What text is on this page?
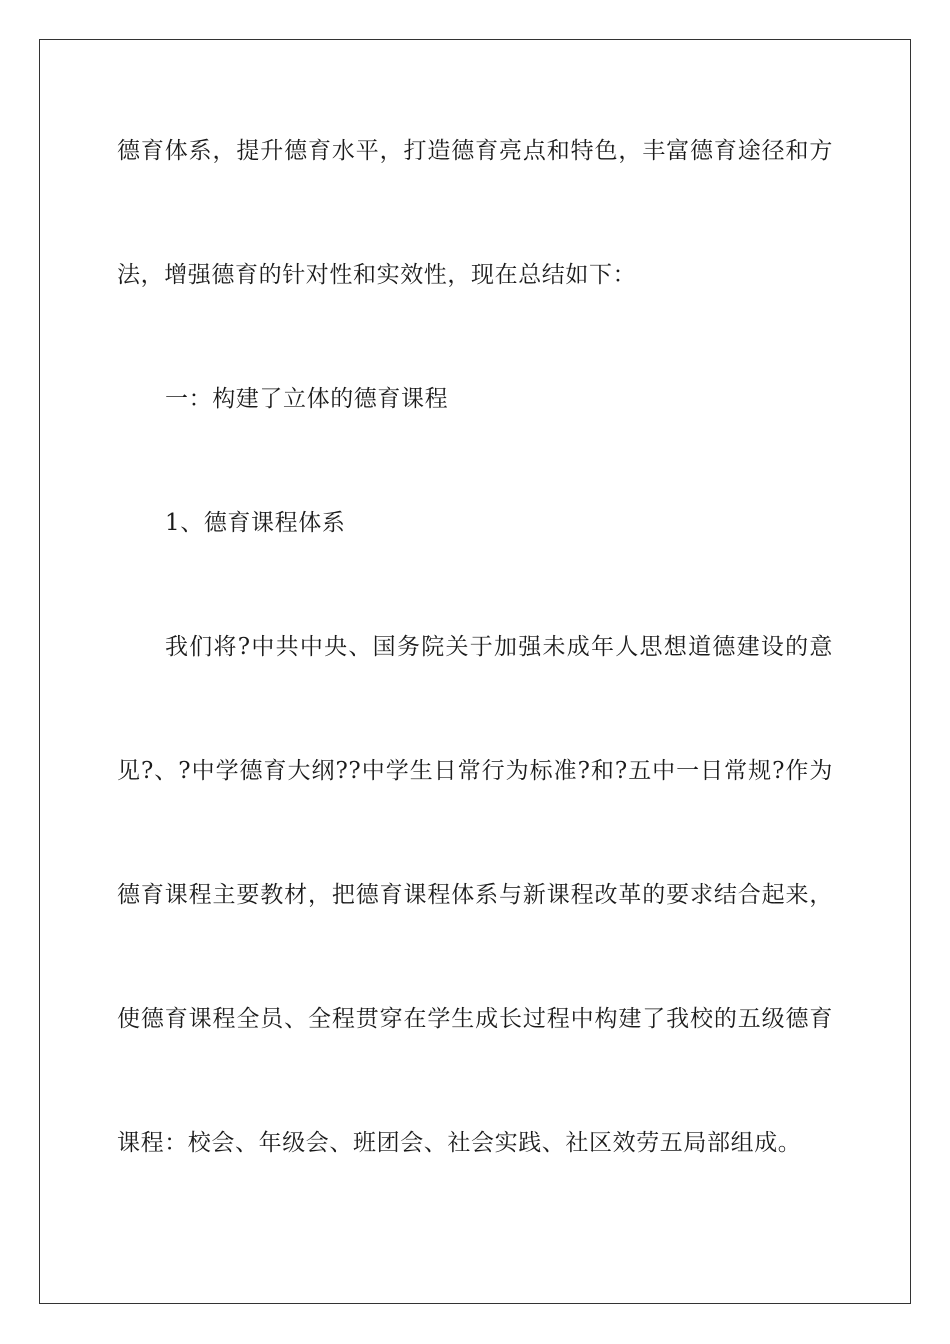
德育体系，提升德育水平，打造德育亮点和特色，丰富德育途径和方
法，增强德育的针对性和实效性，现在总结如下：
一：构建了立体的德育课程
1、德育课程体系
我们将?中共中央、国务院关于加强未成年人思想道德建设的意
见?、?中学德育大纲??中学生日常行为标准?和?五中一日常规?作为
德育课程主要教材，把德育课程体系与新课程改革的要求结合起来，
使德育课程全员、全程贯穿在学生成长过程中构建了我校的五级德育
课程：校会、年级会、班团会、社会实践、社区效劳五局部组成。
